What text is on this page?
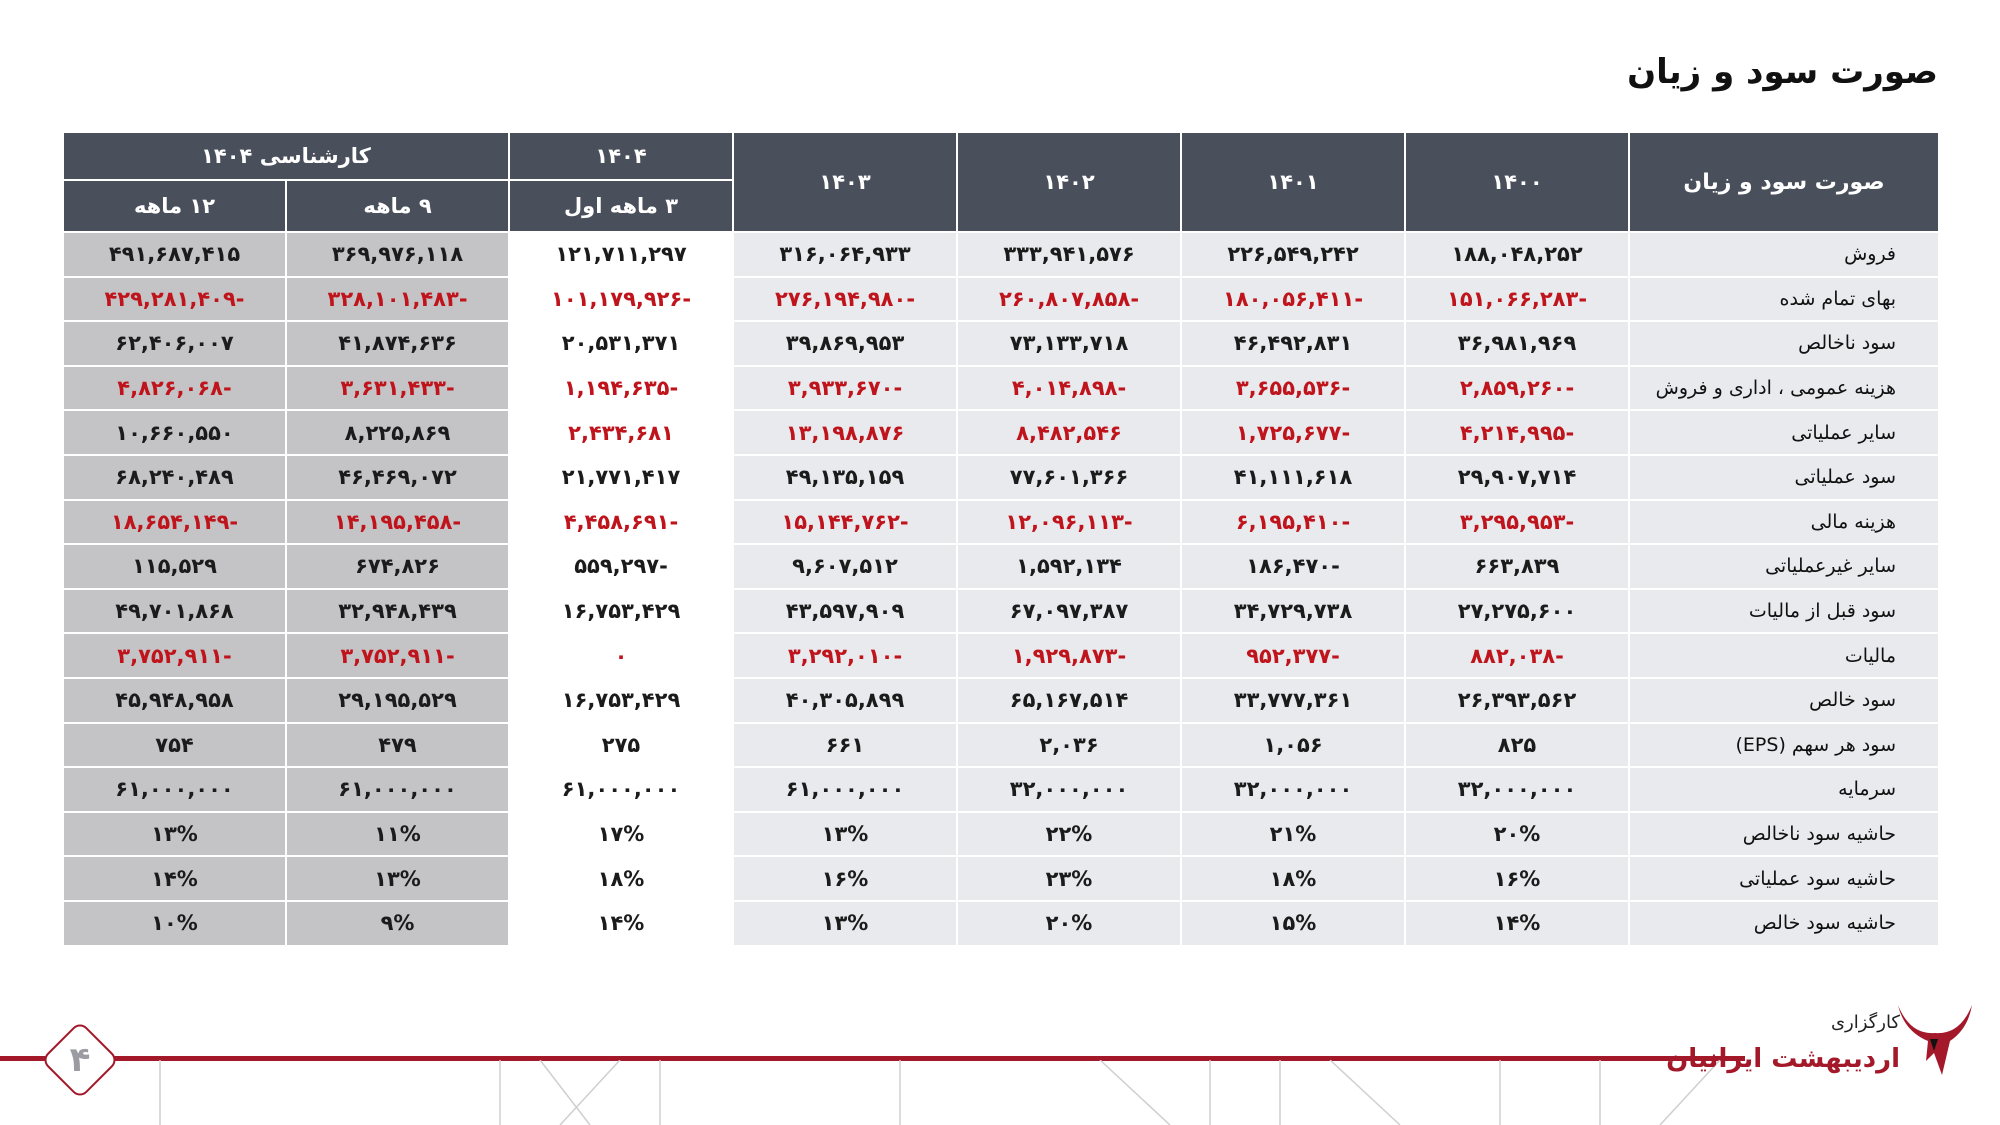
صورت سود و زیان
صورت سود و زیان	۱۴۰۰	۱۴۰۱	۱۴۰۲	۱۴۰۳	۱۴۰۴	کارشناسی ۱۴۰۴	
					۳ ماهه اول	۹ ماهه	۱۲ ماهه
فروش	۱۸۸,۰۴۸,۲۵۲	۲۲۶,۵۴۹,۲۴۲	۳۳۳,۹۴۱,۵۷۶	۳۱۶,۰۶۴,۹۳۳	۱۲۱,۷۱۱,۲۹۷	۳۶۹,۹۷۶,۱۱۸	۴۹۱,۶۸۷,۴۱۵
بهای تمام شده	-۱۵۱,۰۶۶,۲۸۳	-۱۸۰,۰۵۶,۴۱۱	-۲۶۰,۸۰۷,۸۵۸	-۲۷۶,۱۹۴,۹۸۰	-۱۰۱,۱۷۹,۹۲۶	-۳۲۸,۱۰۱,۴۸۳	-۴۲۹,۲۸۱,۴۰۹
سود ناخالص	۳۶,۹۸۱,۹۶۹	۴۶,۴۹۲,۸۳۱	۷۳,۱۳۳,۷۱۸	۳۹,۸۶۹,۹۵۳	۲۰,۵۳۱,۳۷۱	۴۱,۸۷۴,۶۳۶	۶۲,۴۰۶,۰۰۷
هزینه عمومی ، اداری و فروش	-۲,۸۵۹,۲۶۰	-۳,۶۵۵,۵۳۶	-۴,۰۱۴,۸۹۸	-۳,۹۳۳,۶۷۰	-۱,۱۹۴,۶۳۵	-۳,۶۳۱,۴۳۳	-۴,۸۲۶,۰۶۸
سایر عملیاتی	-۴,۲۱۴,۹۹۵	-۱,۷۲۵,۶۷۷	۸,۴۸۲,۵۴۶	۱۳,۱۹۸,۸۷۶	۲,۴۳۴,۶۸۱	۸,۲۲۵,۸۶۹	۱۰,۶۶۰,۵۵۰
سود عملیاتی	۲۹,۹۰۷,۷۱۴	۴۱,۱۱۱,۶۱۸	۷۷,۶۰۱,۳۶۶	۴۹,۱۳۵,۱۵۹	۲۱,۷۷۱,۴۱۷	۴۶,۴۶۹,۰۷۲	۶۸,۲۴۰,۴۸۹
هزینه مالی	-۳,۲۹۵,۹۵۳	-۶,۱۹۵,۴۱۰	-۱۲,۰۹۶,۱۱۳	-۱۵,۱۴۴,۷۶۲	-۴,۴۵۸,۶۹۱	-۱۴,۱۹۵,۴۵۸	-۱۸,۶۵۴,۱۴۹
سایر غیرعملیاتی	۶۶۳,۸۳۹	-۱۸۶,۴۷۰	۱,۵۹۲,۱۳۴	۹,۶۰۷,۵۱۲	-۵۵۹,۲۹۷	۶۷۴,۸۲۶	۱۱۵,۵۲۹
سود قبل از مالیات	۲۷,۲۷۵,۶۰۰	۳۴,۷۲۹,۷۳۸	۶۷,۰۹۷,۳۸۷	۴۳,۵۹۷,۹۰۹	۱۶,۷۵۳,۴۲۹	۳۲,۹۴۸,۴۳۹	۴۹,۷۰۱,۸۶۸
مالیات	-۸۸۲,۰۳۸	-۹۵۲,۳۷۷	-۱,۹۲۹,۸۷۳	-۳,۲۹۲,۰۱۰	۰	-۳,۷۵۲,۹۱۱	-۳,۷۵۲,۹۱۱
سود خالص	۲۶,۳۹۳,۵۶۲	۳۳,۷۷۷,۳۶۱	۶۵,۱۶۷,۵۱۴	۴۰,۳۰۵,۸۹۹	۱۶,۷۵۳,۴۲۹	۲۹,۱۹۵,۵۲۹	۴۵,۹۴۸,۹۵۸
سود هر سهم (EPS)	۸۲۵	۱,۰۵۶	۲,۰۳۶	۶۶۱	۲۷۵	۴۷۹	۷۵۴
سرمایه	۳۲,۰۰۰,۰۰۰	۳۲,۰۰۰,۰۰۰	۳۲,۰۰۰,۰۰۰	۶۱,۰۰۰,۰۰۰	۶۱,۰۰۰,۰۰۰	۶۱,۰۰۰,۰۰۰	۶۱,۰۰۰,۰۰۰
حاشیه سود ناخالص	۲۰%	۲۱%	۲۲%	۱۳%	۱۷%	۱۱%	۱۳%
حاشیه سود عملیاتی	۱۶%	۱۸%	۲۳%	۱۶%	۱۸%	۱۳%	۱۴%
حاشیه سود خالص	۱۴%	۱۵%	۲۰%	۱۳%	۱۴%	۹%	۱۰%
۴
کارگزاری
اردیبهشت ایرانیان
